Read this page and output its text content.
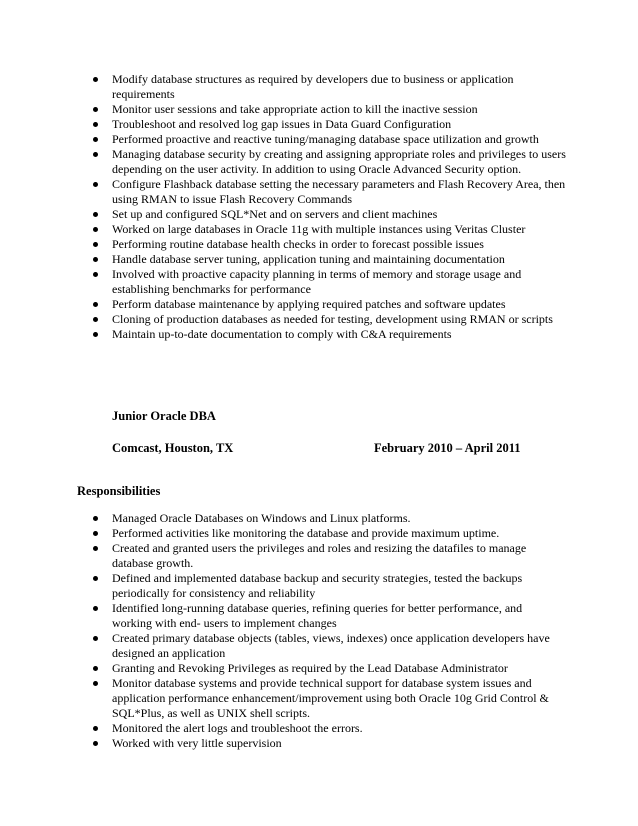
Modify database structures as required by developers due to business or application requirements
Monitor user sessions and take appropriate action to kill the inactive session
Troubleshoot and resolved log gap issues in Data Guard Configuration
Performed proactive and reactive tuning/managing database space utilization and growth
Managing database security by creating and assigning appropriate roles and privileges to users depending on the user activity. In addition to using Oracle Advanced Security option.
Configure Flashback database setting the necessary parameters and Flash Recovery Area, then using RMAN to issue Flash Recovery Commands
Set up and configured SQL*Net and on servers and client machines
Worked on large databases in Oracle 11g with multiple instances using Veritas Cluster
Performing routine database health checks in order to forecast possible issues
Handle database server tuning, application tuning and maintaining documentation
Involved with proactive capacity planning in terms of memory and storage usage and establishing benchmarks for performance
Perform database maintenance by applying required patches and software updates
Cloning of production databases as needed for testing, development using RMAN or scripts
Maintain up-to-date documentation to comply with C&A requirements
Junior Oracle DBA
Comcast, Houston, TX	February 2010 – April 2011
Responsibilities
Managed Oracle Databases on Windows and Linux platforms.
Performed activities like monitoring the database and provide maximum uptime.
Created and granted users the privileges and roles and resizing the datafiles to manage database growth.
Defined and implemented database backup and security strategies, tested the backups periodically for consistency and reliability
Identified long-running database queries, refining queries for better performance, and working with end- users to implement changes
Created primary database objects (tables, views, indexes) once application developers have designed an application
Granting and Revoking Privileges as required by the Lead Database Administrator
Monitor database systems and provide technical support for database system issues and application performance enhancement/improvement using both Oracle 10g Grid Control & SQL*Plus, as well as UNIX shell scripts.
Monitored the alert logs and troubleshoot the errors.
Worked with very little supervision
